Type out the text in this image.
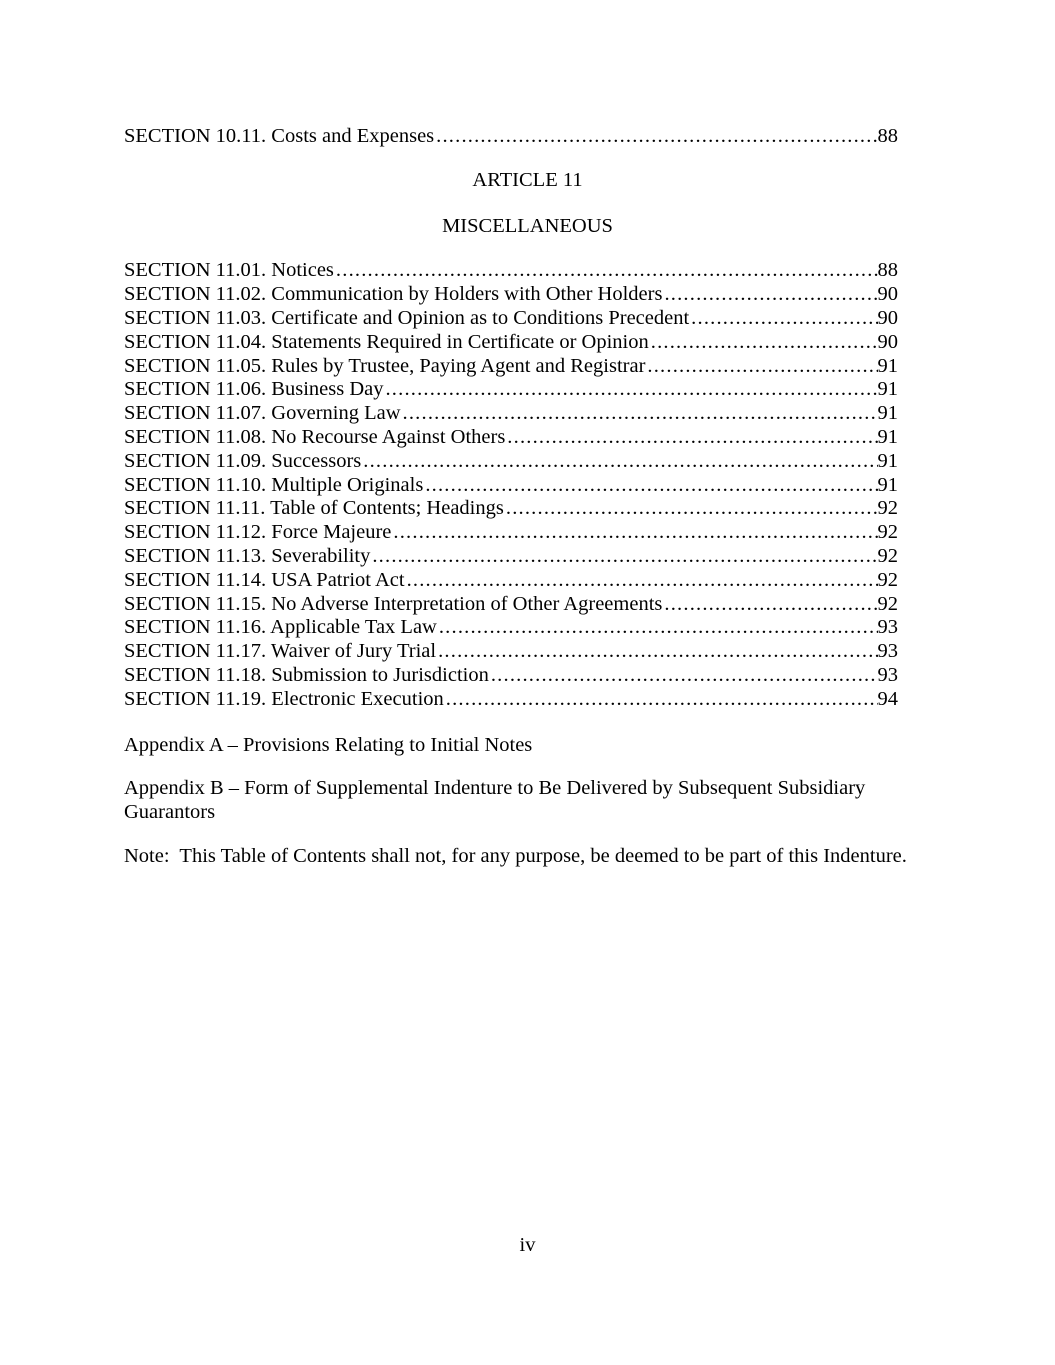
SECTION 10.11. Costs and Expenses .....	88
ARTICLE 11
MISCELLANEOUS
SECTION 11.01. Notices .....	88
SECTION 11.02. Communication by Holders with Other Holders .....	90
SECTION 11.03. Certificate and Opinion as to Conditions Precedent .....	90
SECTION 11.04. Statements Required in Certificate or Opinion .....	90
SECTION 11.05. Rules by Trustee, Paying Agent and Registrar .....	91
SECTION 11.06. Business Day .....	91
SECTION 11.07. Governing Law .....	91
SECTION 11.08. No Recourse Against Others .....	91
SECTION 11.09. Successors .....	91
SECTION 11.10. Multiple Originals .....	91
SECTION 11.11. Table of Contents; Headings .....	92
SECTION 11.12. Force Majeure .....	92
SECTION 11.13. Severability .....	92
SECTION 11.14. USA Patriot Act .....	92
SECTION 11.15. No Adverse Interpretation of Other Agreements .....	92
SECTION 11.16. Applicable Tax Law .....	93
SECTION 11.17. Waiver of Jury Trial .....	93
SECTION 11.18. Submission to Jurisdiction .....	93
SECTION 11.19. Electronic Execution .....	94
Appendix A – Provisions Relating to Initial Notes
Appendix B – Form of Supplemental Indenture to Be Delivered by Subsequent Subsidiary
Guarantors
Note:  This Table of Contents shall not, for any purpose, be deemed to be part of this Indenture.
iv
